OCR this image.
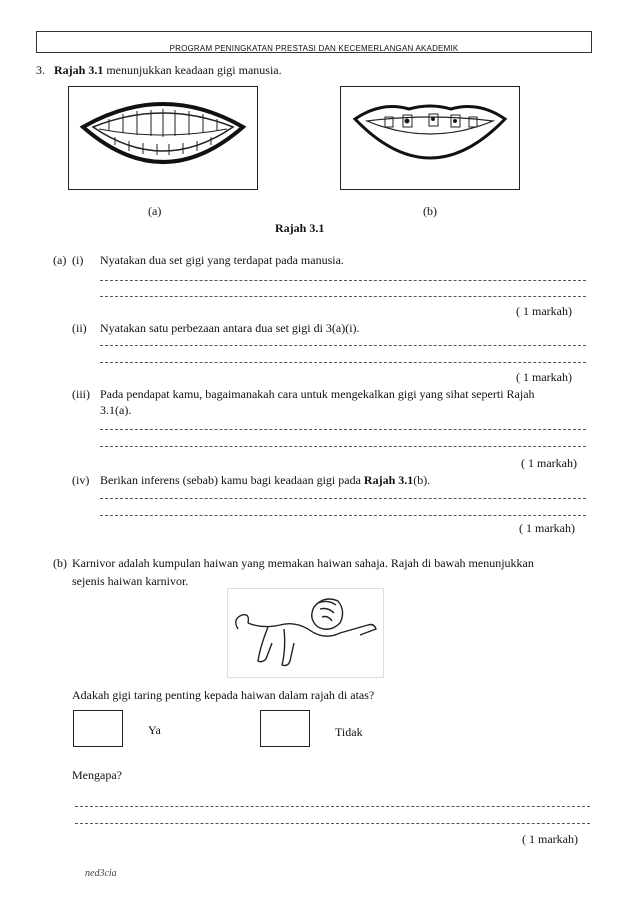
PROGRAM PENINGKATAN PRESTASI DAN KECEMERLANGAN AKADEMIK
3. Rajah 3.1 menunjukkan keadaan gigi manusia.
(a)	(b)
Rajah 3.1
(a) (i) Nyatakan dua set gigi yang terdapat pada manusia.
( 1 markah)
(ii) Nyatakan satu perbezaan antara dua set gigi di 3(a)(i).
( 1 markah)
(iii) Pada pendapat kamu, bagaimanakah cara untuk mengekalkan gigi yang sihat seperti Rajah
3.1(a).
( 1 markah)
(iv) Berikan inferens (sebab) kamu bagi keadaan gigi pada Rajah 3.1(b).
( 1 markah)
(b) Karnivor adalah kumpulan haiwan yang memakan haiwan sahaja. Rajah di bawah menunjukkan
sejenis haiwan karnivor.
Adakah gigi taring penting kepada haiwan dalam rajah di atas?
Ya	Tidak
Mengapa?
( 1 markah)
ned3cia
